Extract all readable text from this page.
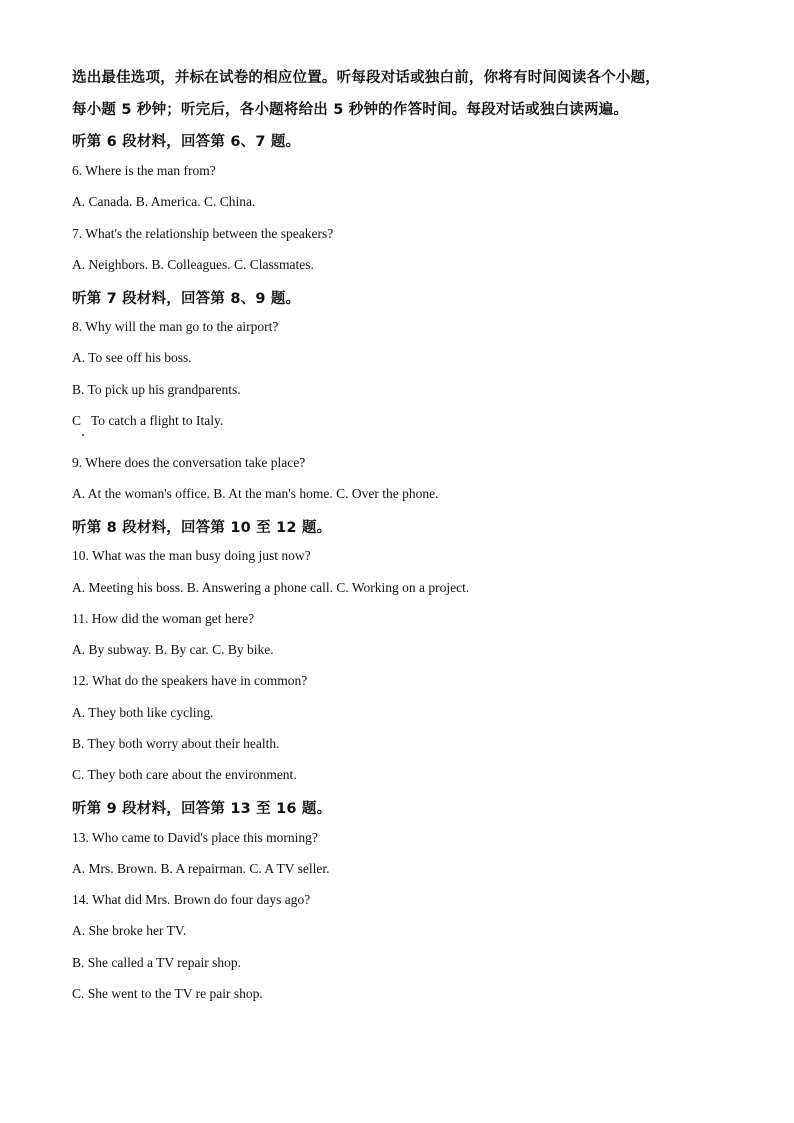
选出最佳选项，并标在试卷的相应位置。听每段对话或独白前，你将有时间阅读各个小题，
每小题 5 秒钟；听完后，各小题将给出 5 秒钟的作答时间。每段对话或独白读两遍。
听第 6 段材料，回答第 6、7 题。
6. Where is the man from?
A. Canada. B. America. C. China.
7. What's the relationship between the speakers?
A. Neighbors. B. Colleagues. C. Classmates.
听第 7 段材料，回答第 8、9 题。
8. Why will the man go to the airport?
A. To see off his boss.
B. To pick up his grandparents.
C   To catch a flight to Italy.
9. Where does the conversation take place?
A. At the woman's office. B. At the man's home. C. Over the phone.
听第 8 段材料，回答第 10 至 12 题。
10. What was the man busy doing just now?
A. Meeting his boss. B. Answering a phone call. C. Working on a project.
11. How did the woman get here?
A. By subway. B. By car. C. By bike.
12. What do the speakers have in common?
A. They both like cycling.
B. They both worry about their health.
C. They both care about the environment.
听第 9 段材料，回答第 13 至 16 题。
13. Who came to David's place this morning?
A. Mrs. Brown. B. A repairman. C. A TV seller.
14. What did Mrs. Brown do four days ago?
A. She broke her TV.
B. She called a TV repair shop.
C. She went to the TV re pair shop.
